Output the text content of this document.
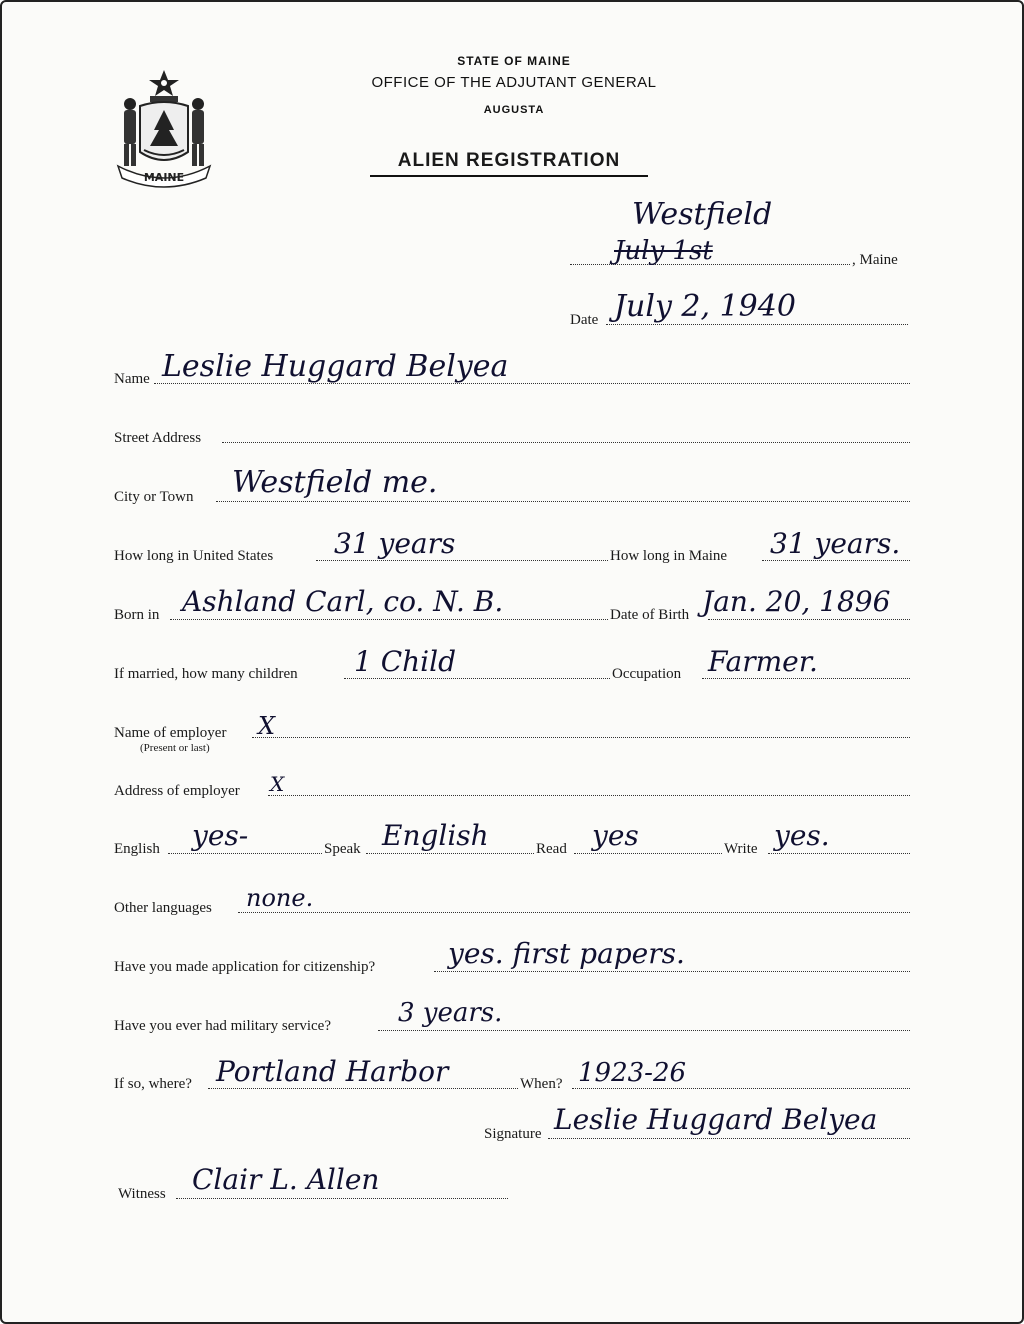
MAINE
STATE OF MAINE
OFFICE OF THE ADJUTANT GENERAL
AUGUSTA
ALIEN REGISTRATION
July 1st
Westfield
, Maine
Date July 2, 1940
Name Leslie Huggard Belyea
Street Address
City or Town Westfield me.
How long in United States 31 years	How long in Maine 31 years.
Born in Ashland Carl, co. N. B.	Date of Birth Jan. 20, 1896
If married, how many children 1 Child	Occupation Farmer.
Name of employer
(Present or last)
X
Address of employer X
English yes-	Speak English	Read yes	Write yes.
Other languages none.
Have you made application for citizenship?	yes. first papers.
Have you ever had military service?	3 years.
If so, where? Portland Harbor	When? 1923-26
Signature Leslie Huggard Belyea
Witness Clair L. Allen
